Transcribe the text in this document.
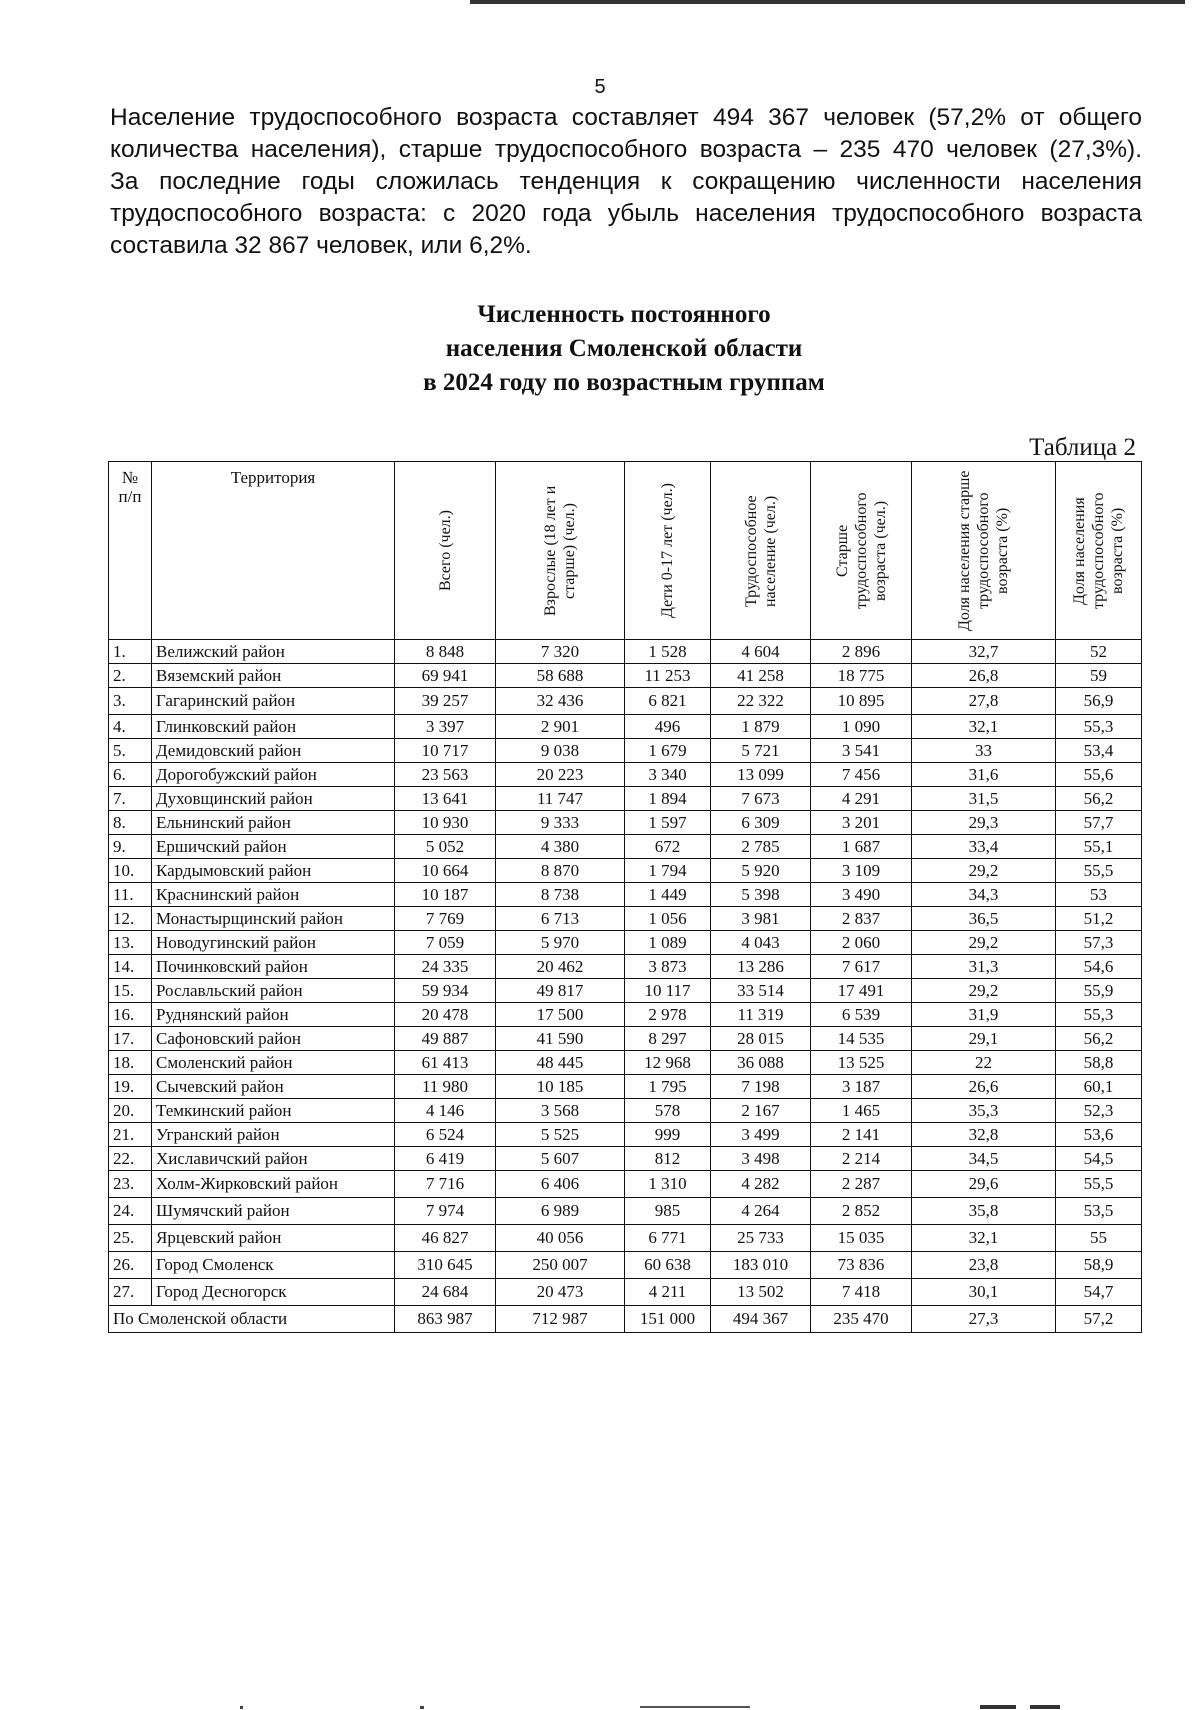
5

Население трудоспособного возраста составляет 494 367 человек (57,2% от общего
количества населения), старше трудоспособного возраста – 235 470 человек (27,3%).
За последние годы сложилась тенденция к сокращению численности населения
трудоспособного возраста: с 2020 года убыль населения трудоспособного возраста
составила 32 867 человек, или 6,2%.

Численность постоянного
населения Смоленской области
в 2024 году по возрастным группам
Таблица 2
№ п/п	Территория	Всего (чел.)	Взрослые (18 лет и старше) (чел.)	Дети 0-17 лет (чел.)	Трудоспособное население (чел.)	Старше трудоспособного возраста (чел.)	Доля населения старше трудоспособного возраста (%)	Доля населения трудоспособного возраста (%)

1.	Велижский район	8 848	7 320	1 528	4 604	2 896	32,7	52
2.	Вяземский район	69 941	58 688	11 253	41 258	18 775	26,8	59
3.	Гагаринский район	39 257	32 436	6 821	22 322	10 895	27,8	56,9
4.	Глинковский район	3 397	2 901	496	1 879	1 090	32,1	55,3
5.	Демидовский район	10 717	9 038	1 679	5 721	3 541	33	53,4
6.	Дорогобужский район	23 563	20 223	3 340	13 099	7 456	31,6	55,6
7.	Духовщинский район	13 641	11 747	1 894	7 673	4 291	31,5	56,2
8.	Ельнинский район	10 930	9 333	1 597	6 309	3 201	29,3	57,7
9.	Ершичский район	5 052	4 380	672	2 785	1 687	33,4	55,1
10.	Кардымовский район	10 664	8 870	1 794	5 920	3 109	29,2	55,5
11.	Краснинский район	10 187	8 738	1 449	5 398	3 490	34,3	53
12.	Монастырщинский район	7 769	6 713	1 056	3 981	2 837	36,5	51,2
13.	Новодугинский район	7 059	5 970	1 089	4 043	2 060	29,2	57,3
14.	Починковский район	24 335	20 462	3 873	13 286	7 617	31,3	54,6
15.	Рославльский район	59 934	49 817	10 117	33 514	17 491	29,2	55,9
16.	Руднянский район	20 478	17 500	2 978	11 319	6 539	31,9	55,3
17.	Сафоновский район	49 887	41 590	8 297	28 015	14 535	29,1	56,2
18.	Смоленский район	61 413	48 445	12 968	36 088	13 525	22	58,8
19.	Сычевский район	11 980	10 185	1 795	7 198	3 187	26,6	60,1
20.	Темкинский район	4 146	3 568	578	2 167	1 465	35,3	52,3
21.	Угранский район	6 524	5 525	999	3 499	2 141	32,8	53,6
22.	Хиславичский район	6 419	5 607	812	3 498	2 214	34,5	54,5
23.	Холм-Жирковский район	7 716	6 406	1 310	4 282	2 287	29,6	55,5
24.	Шумячский район	7 974	6 989	985	4 264	2 852	35,8	53,5
25.	Ярцевский район	46 827	40 056	6 771	25 733	15 035	32,1	55
26.	Город Смоленск	310 645	250 007	60 638	183 010	73 836	23,8	58,9
27.	Город Десногорск	24 684	20 473	4 211	13 502	7 418	30,1	54,7
По Смоленской области		863 987	712 987	151 000	494 367	235 470	27,3	57,2
